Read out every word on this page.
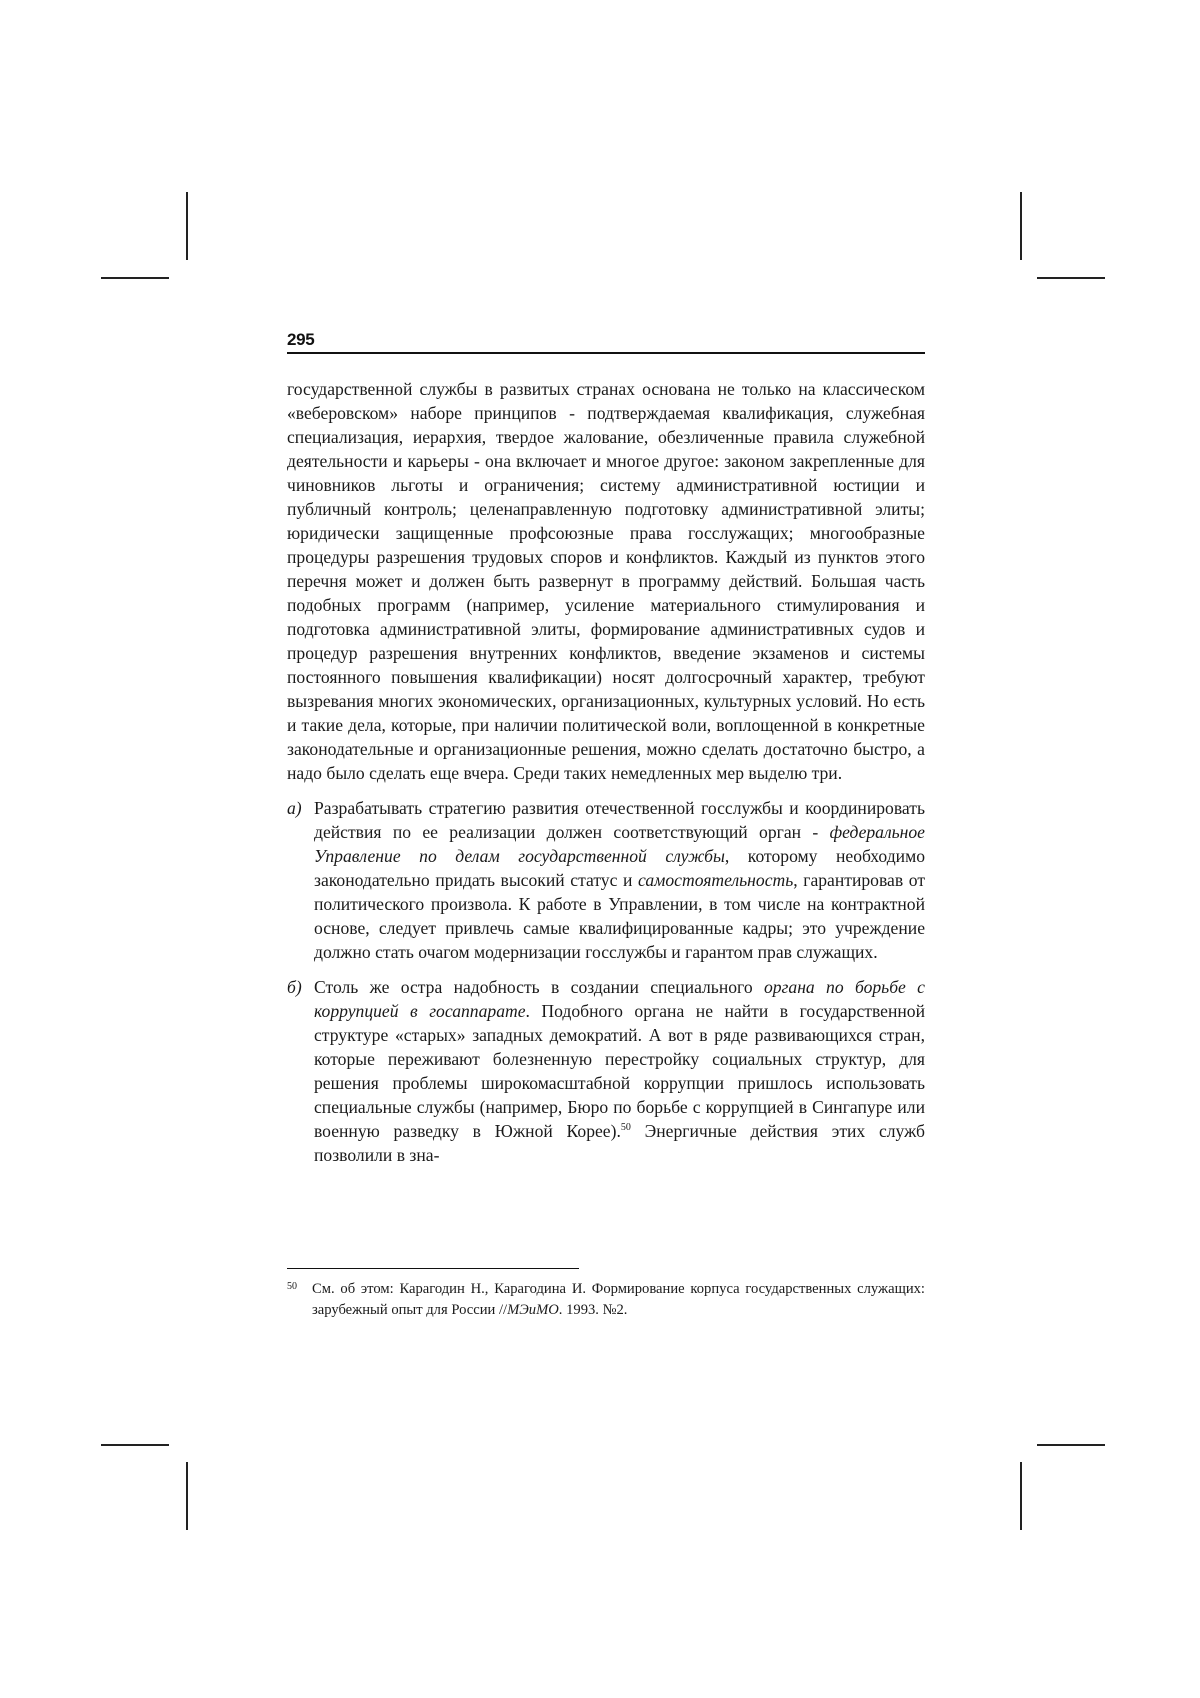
295

государственной службы в развитых странах основана не только на классическом «веберовском» наборе принципов - подтверждаемая квалификация, служебная специализация, иерархия, твердое жалование, обезличенные правила служебной деятельности и карьеры - она включает и многое другое: законом закрепленные для чиновников льготы и ограничения; систему административной юстиции и публичный контроль; целенаправленную подготовку административной элиты; юридически защищенные профсоюзные права госслужащих; многообразные процедуры разрешения трудовых споров и конфликтов. Каждый из пунктов этого перечня может и должен быть развернут в программу действий. Большая часть подобных программ (например, усиление материального стимулирования и подготовка административной элиты, формирование административных судов и процедур разрешения внутренних конфликтов, введение экзаменов и системы постоянного повышения квалификации) носят долгосрочный характер, требуют вызревания многих экономических, организационных, культурных условий. Но есть и такие дела, которые, при наличии политической воли, воплощенной в конкретные законодательные и организационные решения, можно сделать достаточно быстро, а надо было сделать еще вчера. Среди таких немедленных мер выделю три.

а) Разрабатывать стратегию развития отечественной госслужбы и координировать действия по ее реализации должен соответствующий орган - федеральное Управление по делам государственной службы, которому необходимо законодательно придать высокий статус и самостоятельность, гарантировав от политического произвола. К работе в Управлении, в том числе на контрактной основе, следует привлечь самые квалифицированные кадры; это учреждение должно стать очагом модернизации госслужбы и гарантом прав служащих.
б) Столь же остра надобность в создании специального органа по борьбе с коррупцией в госаппарате. Подобного органа не найти в государственной структуре «старых» западных демократий. А вот в ряде развивающихся стран, которые переживают болезненную перестройку социальных структур, для решения проблемы широкомасштабной коррупции пришлось использовать специальные службы (например, Бюро по борьбе с коррупцией в Сингапуре или военную разведку в Южной Корее).50 Энергичные действия этих служб позволили в зна-
50	См. об этом: Карагодин Н., Карагодина И. Формирование корпуса государственных служащих: зарубежный опыт для России //МЭиМО. 1993. №2.
